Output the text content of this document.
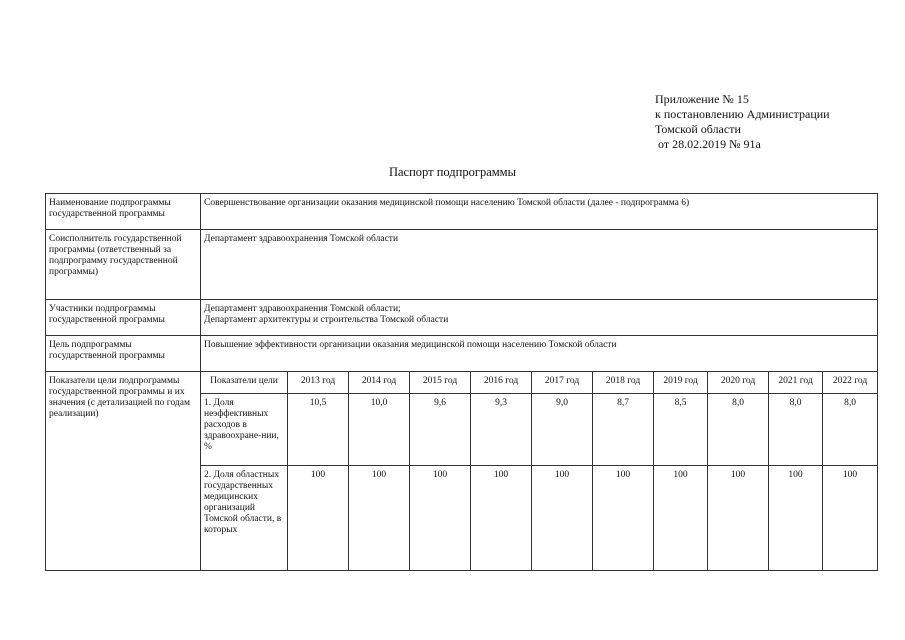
Приложение № 15
к постановлению Администрации
Томской области
от 28.02.2019 № 91а
Паспорт подпрограммы
Наименование подпрограммы государственной программы	Совершенствование организации оказания медицинской помощи населению Томской области (далее - подпрограмма 6)										
Соисполнитель государственной программы (ответственный за подпрограмму государственной программы)	Департамент здравоохранения Томской области										
Участники подпрограммы государственной программы	Департамент здравоохранения Томской области;
Департамент архитектуры и строительства Томской области										

Цель подпрограммы государственной программы	Повышение эффективности организации оказания медицинской помощи населению Томской области										
Показатели цели подпрограммы государственной программы и их значения (с детализацией по годам реализации)	Показатели цели	2013 год	2014 год	2015 год	2016 год	2017 год	2018 год	2019 год	2020 год	2021 год	2022 год
	1. Доля неэффективных расходов в здравоохране-нии, %	10,5	10,0	9,6	9,3	9,0	8,7	8,5	8,0	8,0	8,0
	2. Доля областных государственных медицинских организаций Томской области, в которых	100	100	100	100	100	100	100	100	100	100
